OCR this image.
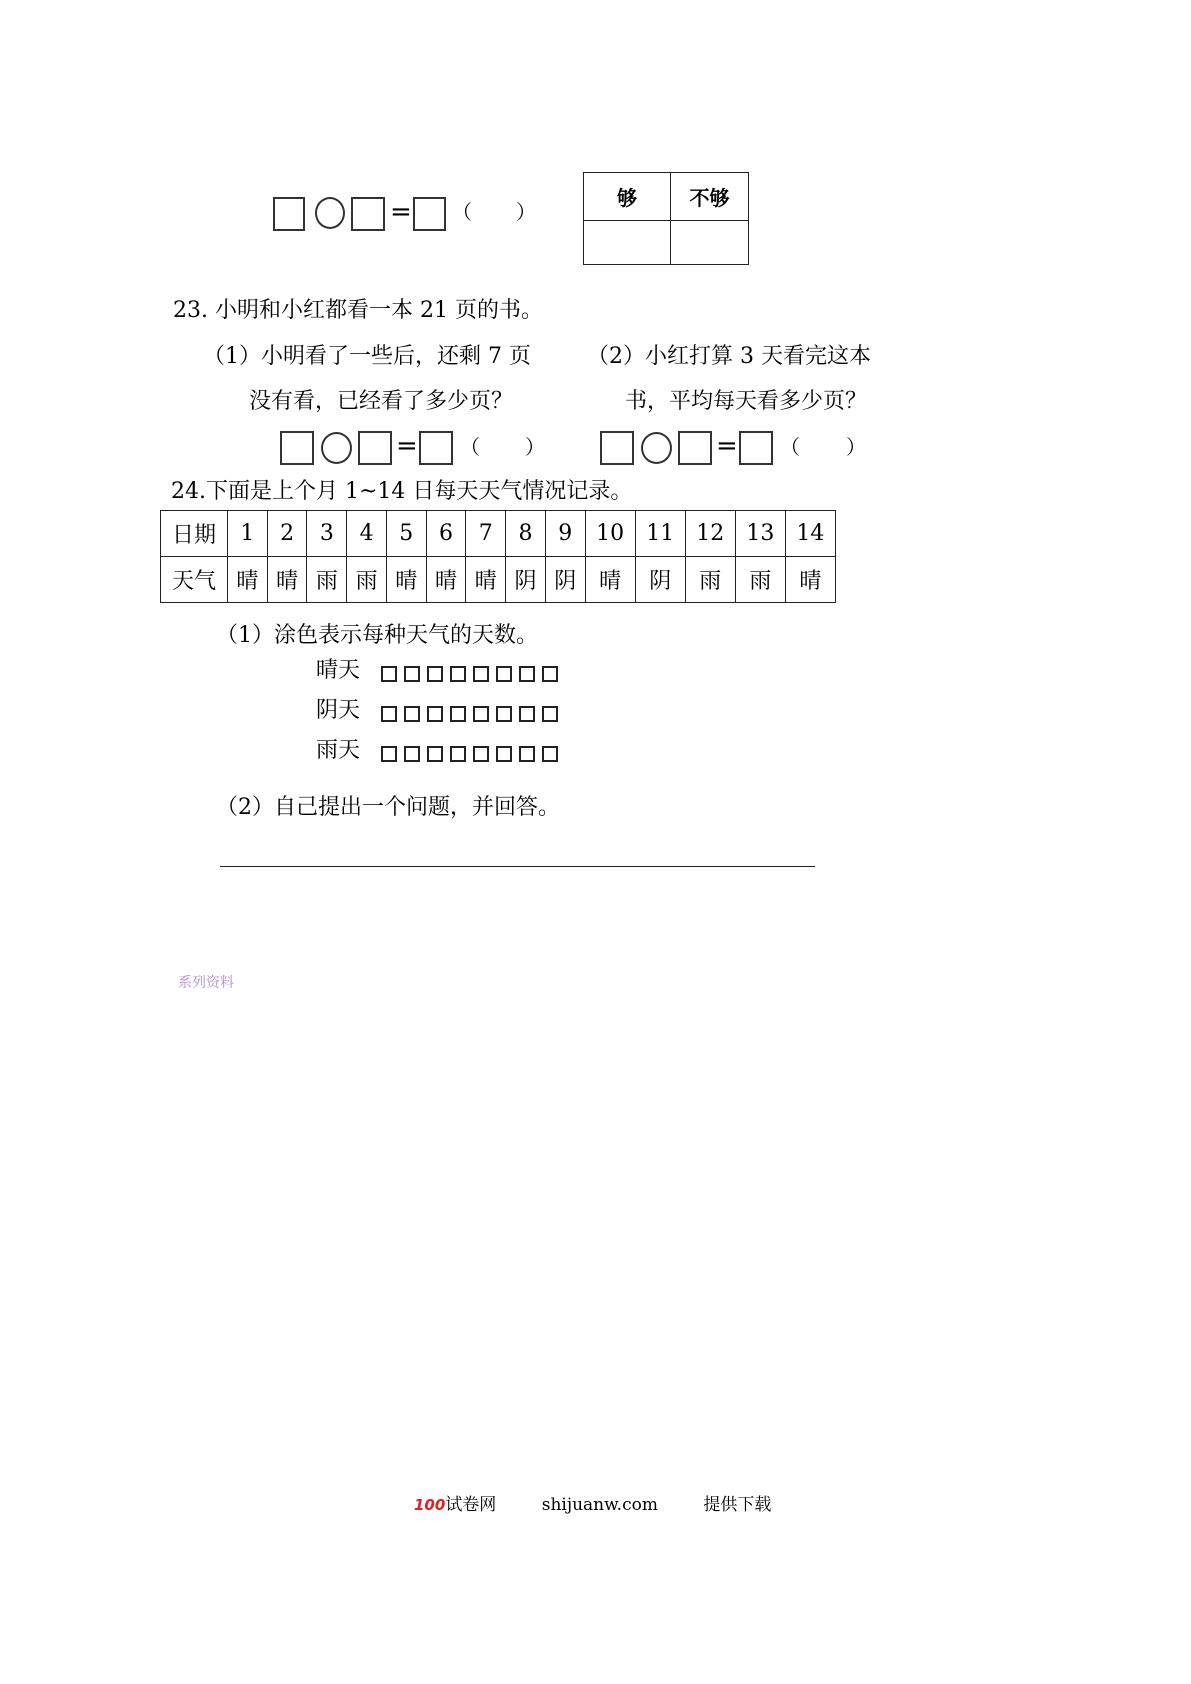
= （ ）
够	不够

23. 小明和小红都看一本 21 页的书。
（1）小明看了一些后，还剩 7 页
没有看，已经看了多少页？
（2）小红打算 3 天看完这本
书，平均每天看多少页？
= （ ）	= （ ）
24.下面是上个月 1~14 日每天天气情况记录。
日期	1	2	3	4	5	6	7	8	9	10	11	12	13	14
天气	晴	晴	雨	雨	晴	晴	晴	阴	阴	晴	阴	雨	雨	晴
（1）涂色表示每种天气的天数。
晴天
阴天
雨天
（2）自己提出一个问题，并回答。
系列资料
100试卷网	shijuanw.com	提供下载
